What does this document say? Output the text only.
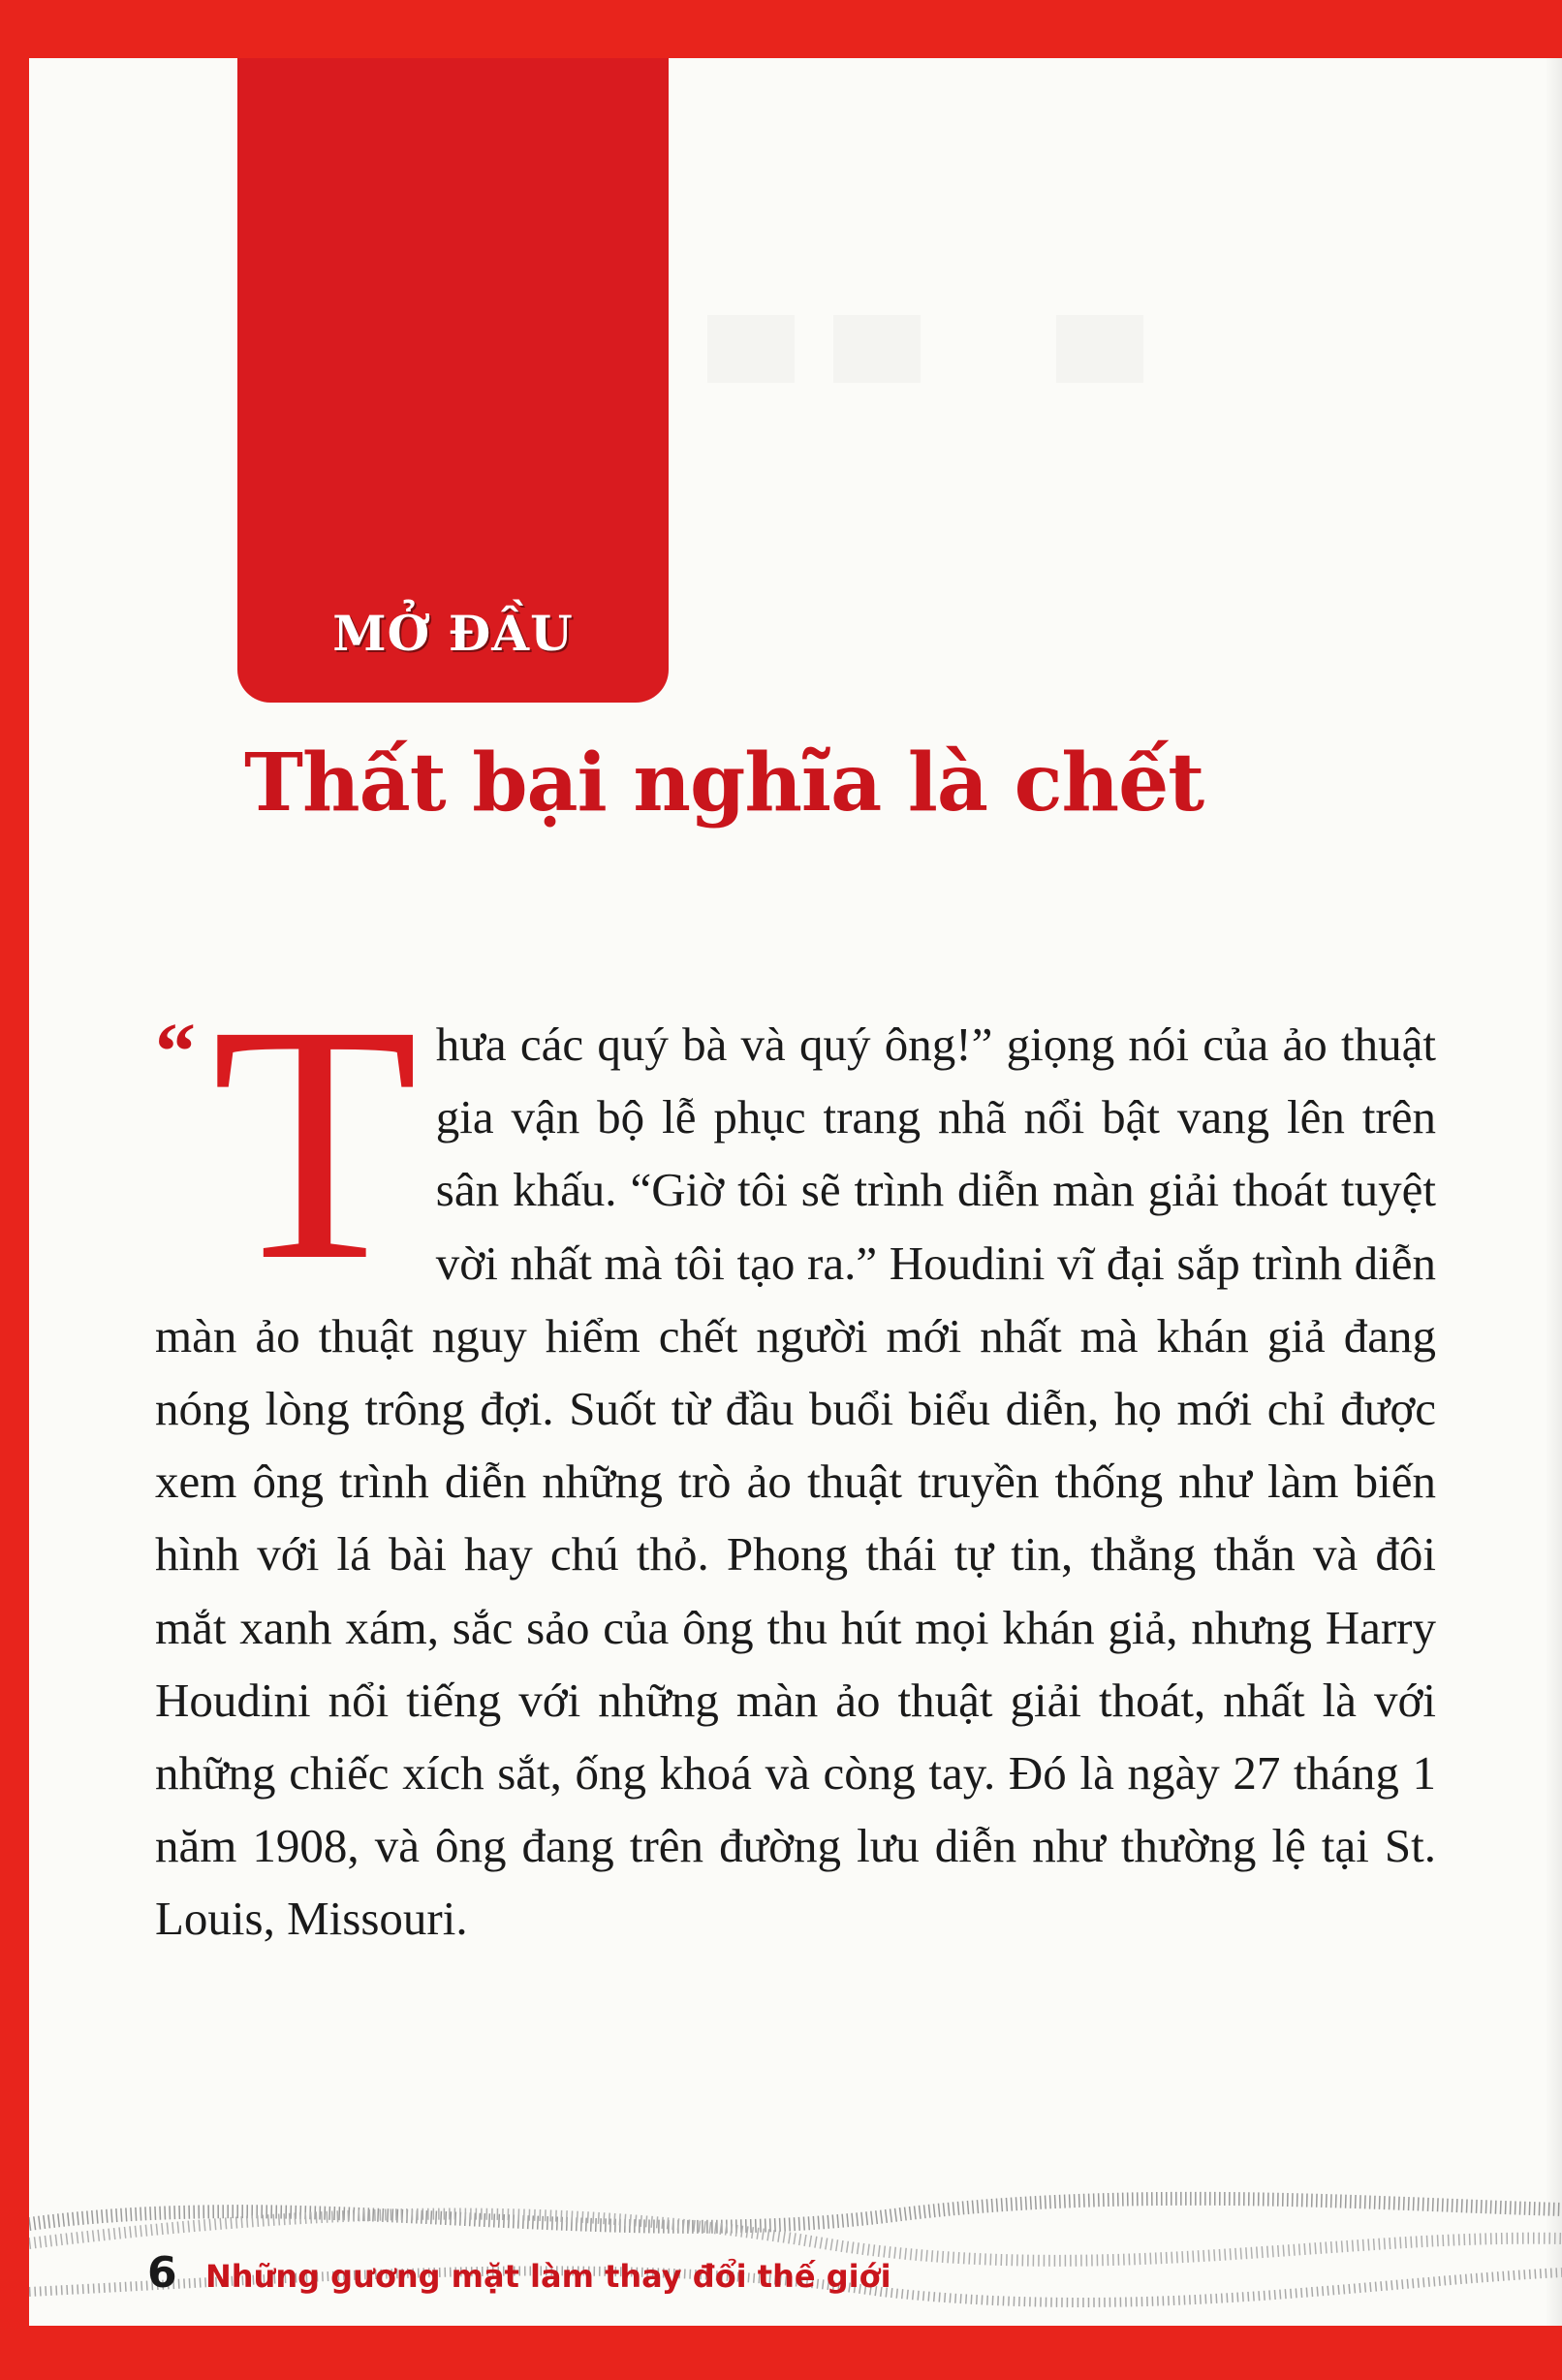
MỞ ĐẦU
Thất bại nghĩa là chết

“ T hưa các quý bà và quý ông!” giọng nói của ảo thuật gia vận bộ lễ phục trang nhã nổi bật vang lên trên sân khấu. “Giờ tôi sẽ trình diễn màn giải thoát tuyệt vời nhất mà tôi tạo ra.” Houdini vĩ đại sắp trình diễn màn ảo thuật nguy hiểm chết người mới nhất mà khán giả đang nóng lòng trông đợi. Suốt từ đầu buổi biểu diễn, họ mới chỉ được xem ông trình diễn những trò ảo thuật truyền thống như làm biến hình với lá bài hay chú thỏ. Phong thái tự tin, thẳng thắn và đôi mắt xanh xám, sắc sảo của ông thu hút mọi khán giả, nhưng Harry Houdini nổi tiếng với những màn ảo thuật giải thoát, nhất là với những chiếc xích sắt, ống khoá và còng tay. Đó là ngày 27 tháng 1 năm 1908, và ông đang trên đường lưu diễn như thường lệ tại St. Louis, Missouri.

6 Những gương mặt làm thay đổi thế giới
